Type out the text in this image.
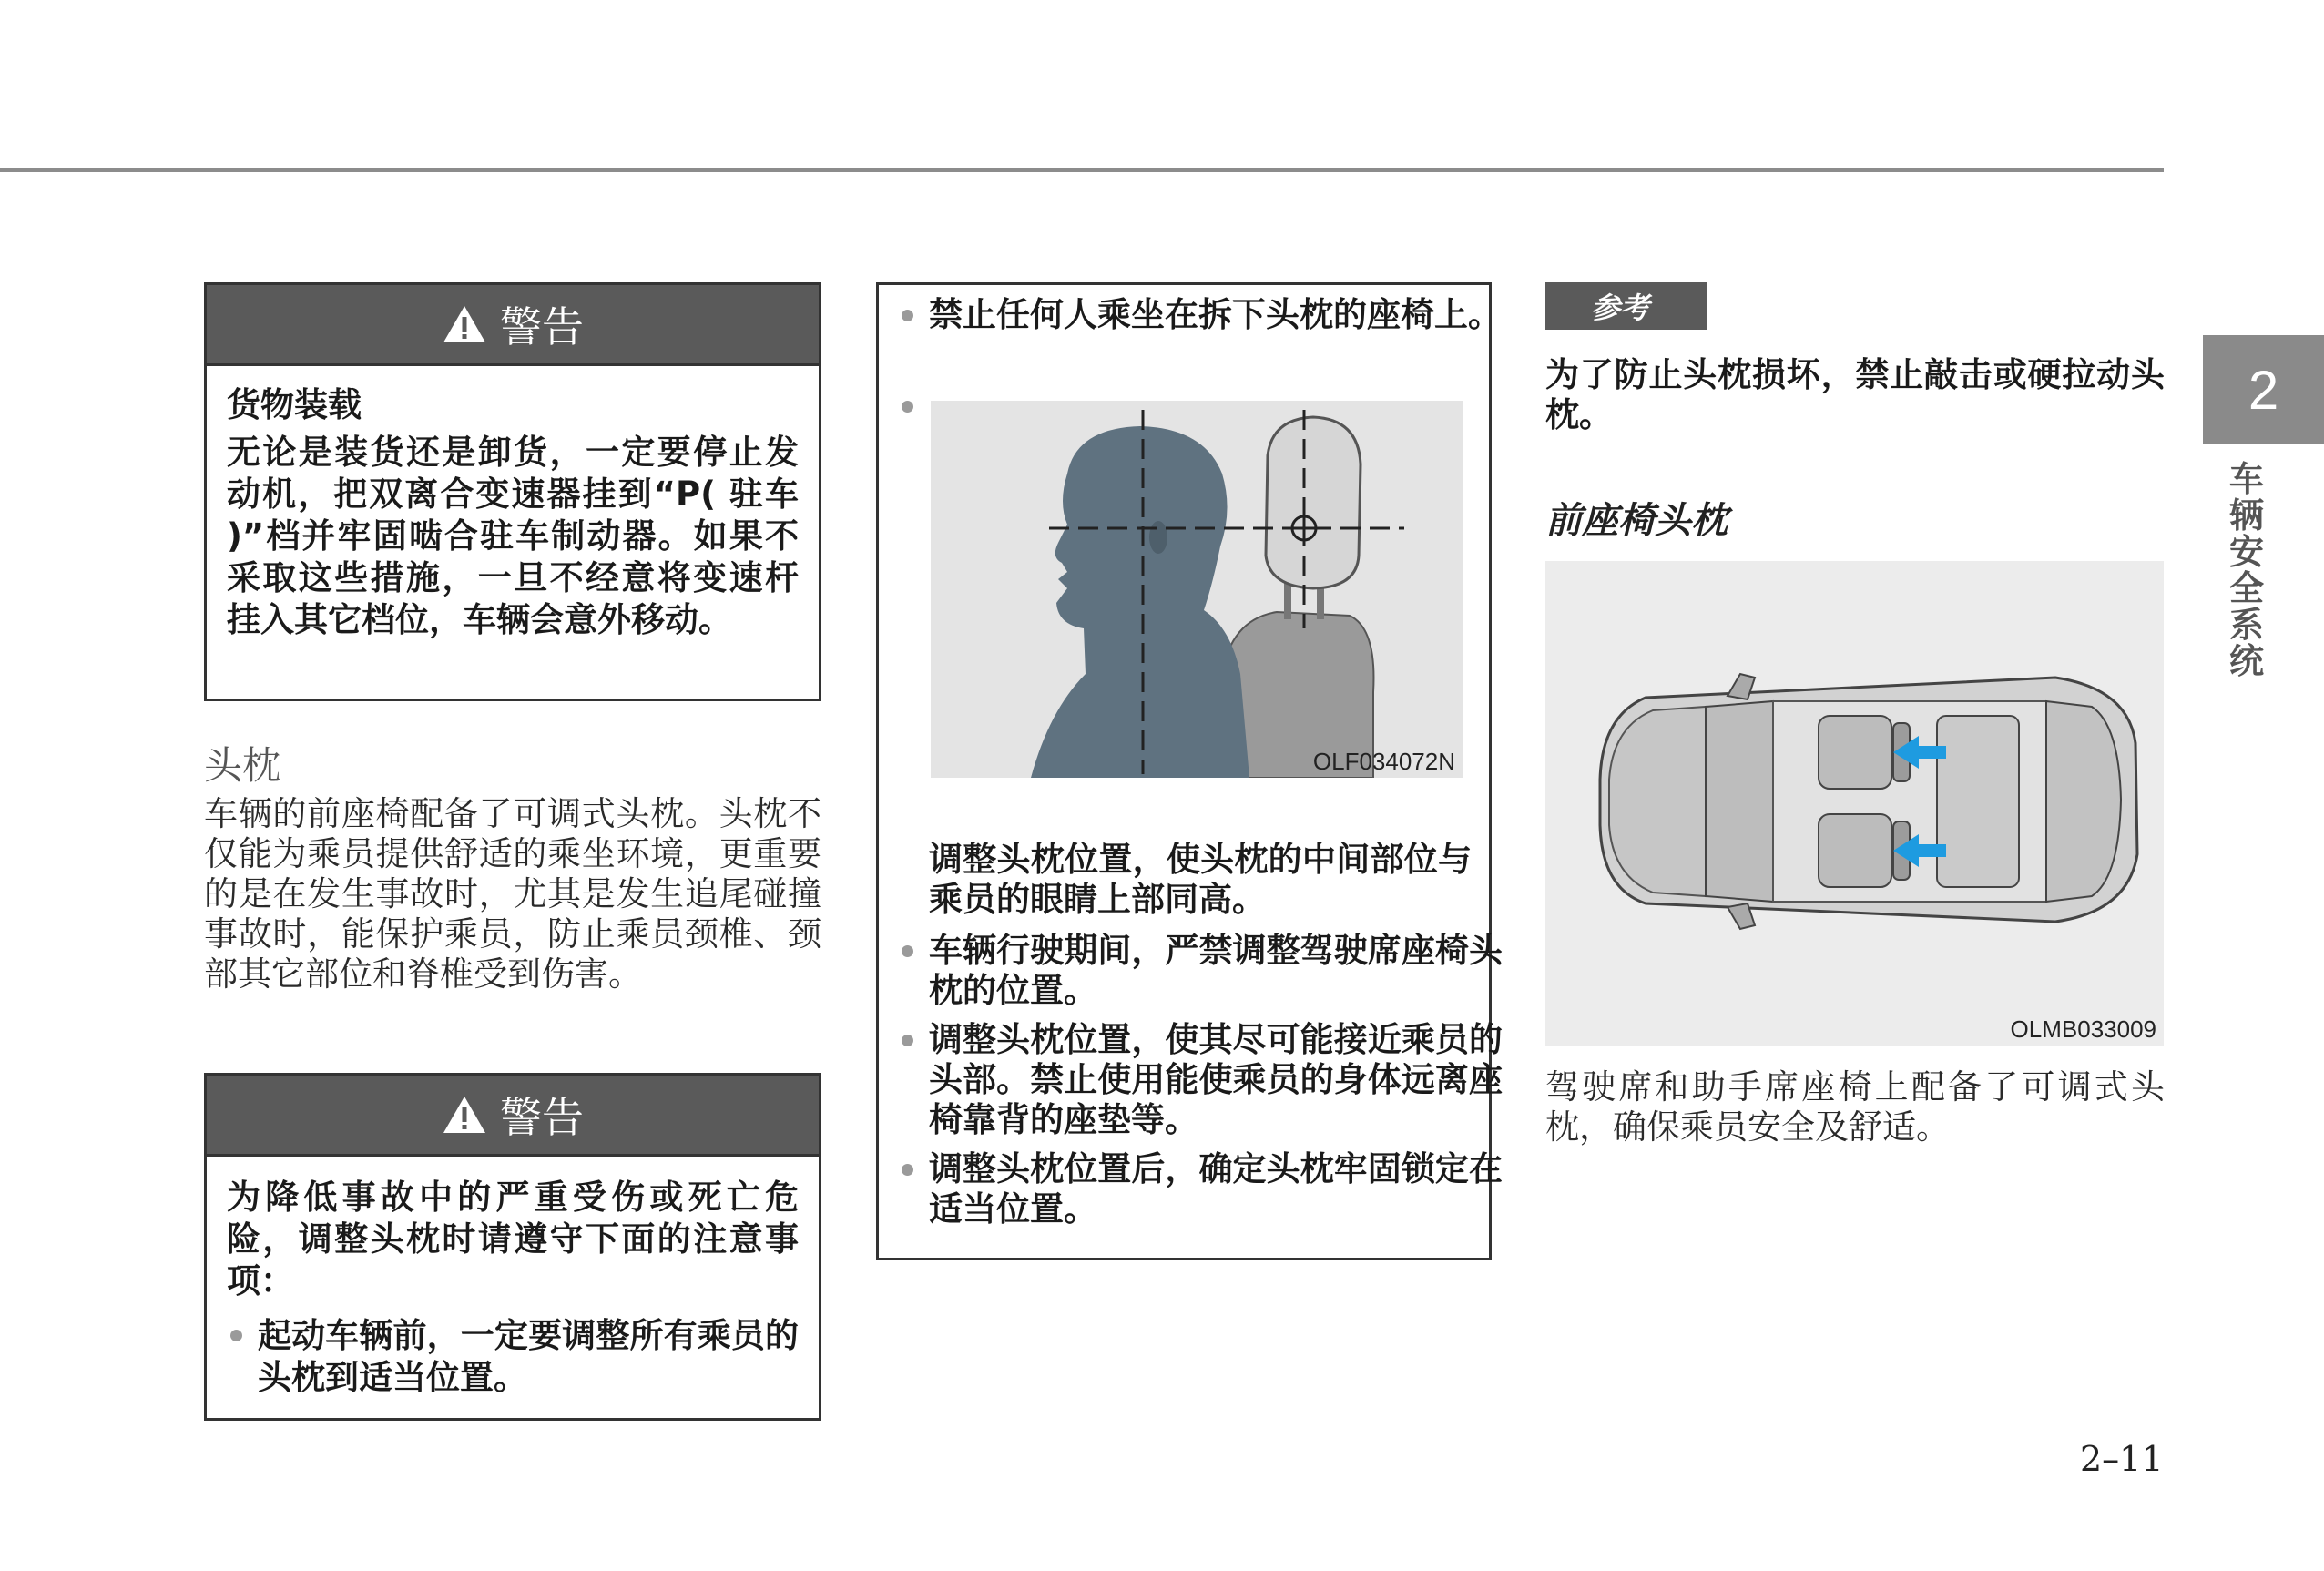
警告

货物装载

无论是装货还是卸货，一定要停止发动机，把双离合变速器挂到“P( 驻车 )”档并牢固啮合驻车制动器。如果不采取这些措施，一旦不经意将变速杆挂入其它档位，车辆会意外移动。

头枕
车辆的前座椅配备了可调式头枕。头枕不仅能为乘员提供舒适的乘坐环境，更重要的是在发生事故时，尤其是发生追尾碰撞事故时，能保护乘员，防止乘员颈椎、颈部其它部位和脊椎受到伤害。
警告

为降低事故中的严重受伤或死亡危险，调整头枕时请遵守下面的注意事项：

起动车辆前，一定要调整所有乘员的头枕到适当位置。

禁止任何人乘坐在拆下头枕的座椅上。
OLF034072N
调整头枕位置，使头枕的中间部位与乘员的眼睛上部同高。
车辆行驶期间，严禁调整驾驶席座椅头枕的位置。
调整头枕位置，使其尽可能接近乘员的头部。禁止使用能使乘员的身体远离座椅靠背的座垫等。
调整头枕位置后，确定头枕牢固锁定在适当位置。
参考
为了防止头枕损坏，禁止敲击或硬拉动头枕。
前座椅头枕
OLMB033009
驾驶席和助手席座椅上配备了可调式头枕，确保乘员安全及舒适。
2
车辆安全系统
2–11
